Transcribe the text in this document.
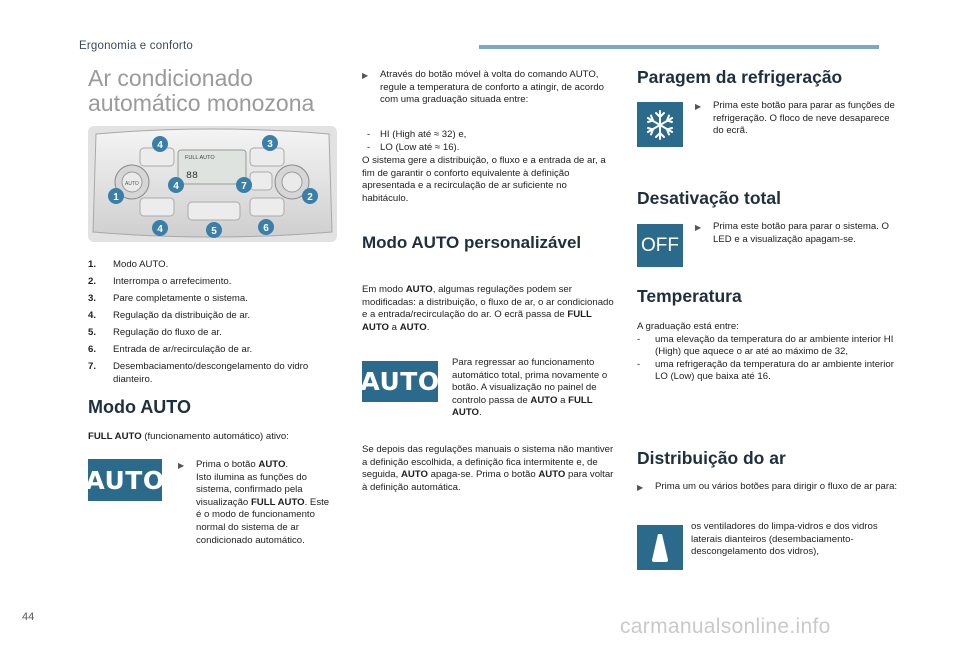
Ergonomia e conforto
Ar condicionado
automático monozona
FULL AUTO
88
AUTO
4	3
1
4	7
2
4	5	6
1.	Modo AUTO.
2.	Interrompa o arrefecimento.
3.	Pare completamente o sistema.
4.	Regulação da distribuição de ar.
5.	Regulação do fluxo de ar.
6.	Entrada de ar/recirculação de ar.
7.	Desembaciamento/descongelamento do vidro dianteiro.
Modo AUTO
FULL AUTO (funcionamento automático) ativo:
AUTO ▶	Prima o botão AUTO.
Isto ilumina as funções do sistema, confirmado pela visualização FULL AUTO. Este é o modo de funcionamento normal do sistema de ar condicionado automático.
▶	Através do botão móvel à volta do comando AUTO, regule a temperatura de conforto a atingir, de acordo com uma graduação situada entre:
-	HI (High até ≈ 32) e,
-	LO (Low até ≈ 16).
O sistema gere a distribuição, o fluxo e a entrada de ar, a fim de garantir o conforto equivalente à definição apresentada e a recirculação de ar suficiente no habitáculo.
Modo AUTO personalizável
Em modo AUTO, algumas regulações podem ser modificadas: a distribuição, o fluxo de ar, o ar condicionado e a entrada/recirculação do ar. O ecrã passa de FULL AUTO a AUTO.
AUTO
Para regressar ao funcionamento automático total, prima novamente o botão. A visualização no painel de controlo passa de AUTO a FULL AUTO.
Se depois das regulações manuais o sistema não mantiver a definição escolhida, a definição fica intermitente e, de seguida, AUTO apaga-se. Prima o botão AUTO para voltar à definição automática.
Paragem da refrigeração
▶	Prima este botão para parar as funções de refrigeração. O floco de neve desaparece do ecrã.
Desativação total
OFF
▶	Prima este botão para parar o sistema. O LED e a visualização apagam-se.
Temperatura
A graduação está entre:
-	uma elevação da temperatura do ar ambiente interior HI (High) que aquece o ar até ao máximo de 32,
-	uma refrigeração da temperatura do ar ambiente interior LO (Low) que baixa até 16.
Distribuição do ar
▶	Prima um ou vários botões para dirigir o fluxo de ar para:
os ventiladores do limpa-vidros e dos vidros laterais dianteiros (desembaciamento- descongelamento dos vidros),
44	carmanualsonline.info
